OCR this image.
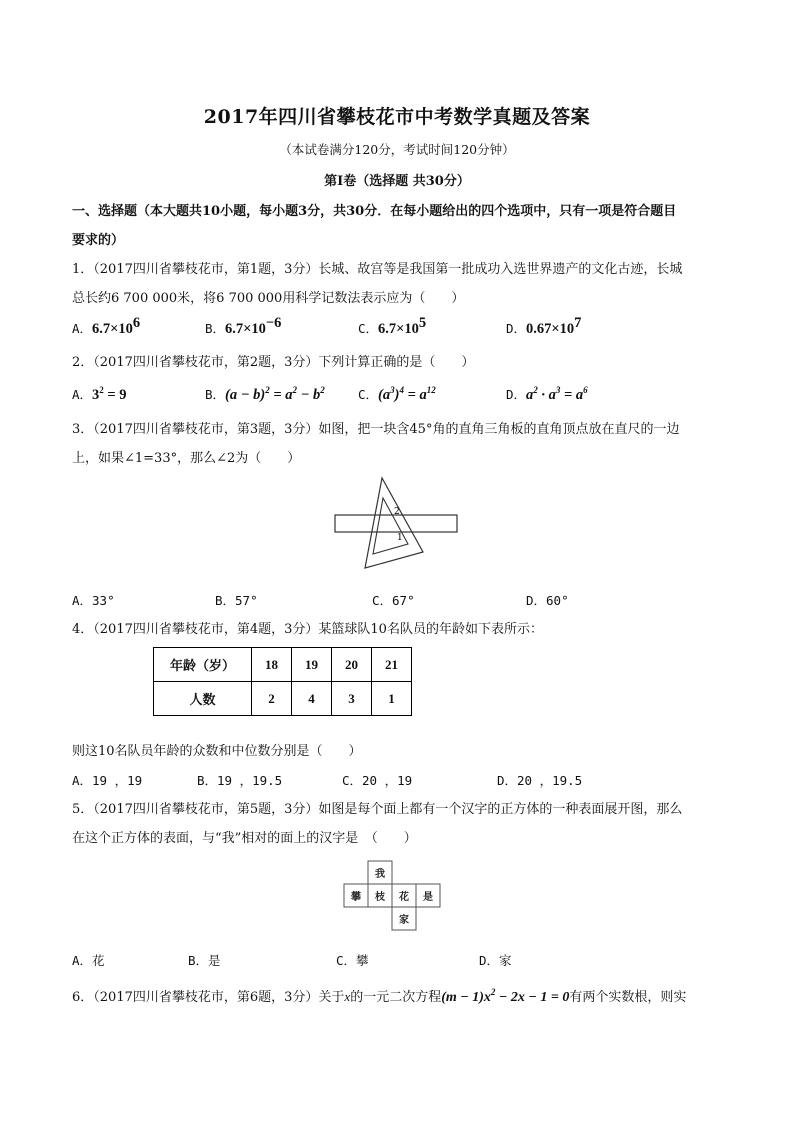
2017年四川省攀枝花市中考数学真题及答案
（本试卷满分120分，考试时间120分钟）
第Ⅰ卷（选择题 共30分）
一、选择题（本大题共10小题，每小题3分，共30分．在每小题给出的四个选项中，只有一项是符合题目
要求的）
1．（2017四川省攀枝花市，第1题，3分）长城、故宫等是我国第一批成功入选世界遗产的文化古迹，长城
总长约6 700 000米，将6 700 000用科学记数法表示应为（　　）
A．$6.7\times 10^6$	B．$6.7\times 10^{-6}$	C．$6.7\times 10^5$	D．$0.67\times 10^7$
2．（2017四川省攀枝花市，第2题，3分）下列计算正确的是（　　）
A．$3^2 = 9$	B．$(a - b)^2 = a^2 - b^2$	C．$(a^3)^4 = a^{12}$	D．$a^2 \cdot a^3 = a^6$
3．（2017四川省攀枝花市，第3题，3分）如图，把一块含45°角的直角三角板的直角顶点放在直尺的一边
上，如果∠1=33°，那么∠2为（　　）
2
1
A．33°	B．57°	C．67°	D．60°
4．（2017四川省攀枝花市，第4题，3分）某篮球队10名队员的年龄如下表所示：
年龄（岁）	18	19	20	21
人数	2	4	3	1
则这10名队员年龄的众数和中位数分别是（　　）
A．19 ，19	B．19 ，19.5	C．20 ，19	D．20 ，19.5
5．（2017四川省攀枝花市，第5题，3分）如图是每个面上都有一个汉字的正方体的一种表面展开图，那么
在这个正方体的表面，与“我”相对的面上的汉字是　（　　）
我
攀 枝 花 是
家
A．花	B．是	C．攀	D．家
6．（2017四川省攀枝花市，第6题，3分）关于x的一元二次方程$(m - 1)x^2 - 2x - 1 = 0$有两个实数根，则实
